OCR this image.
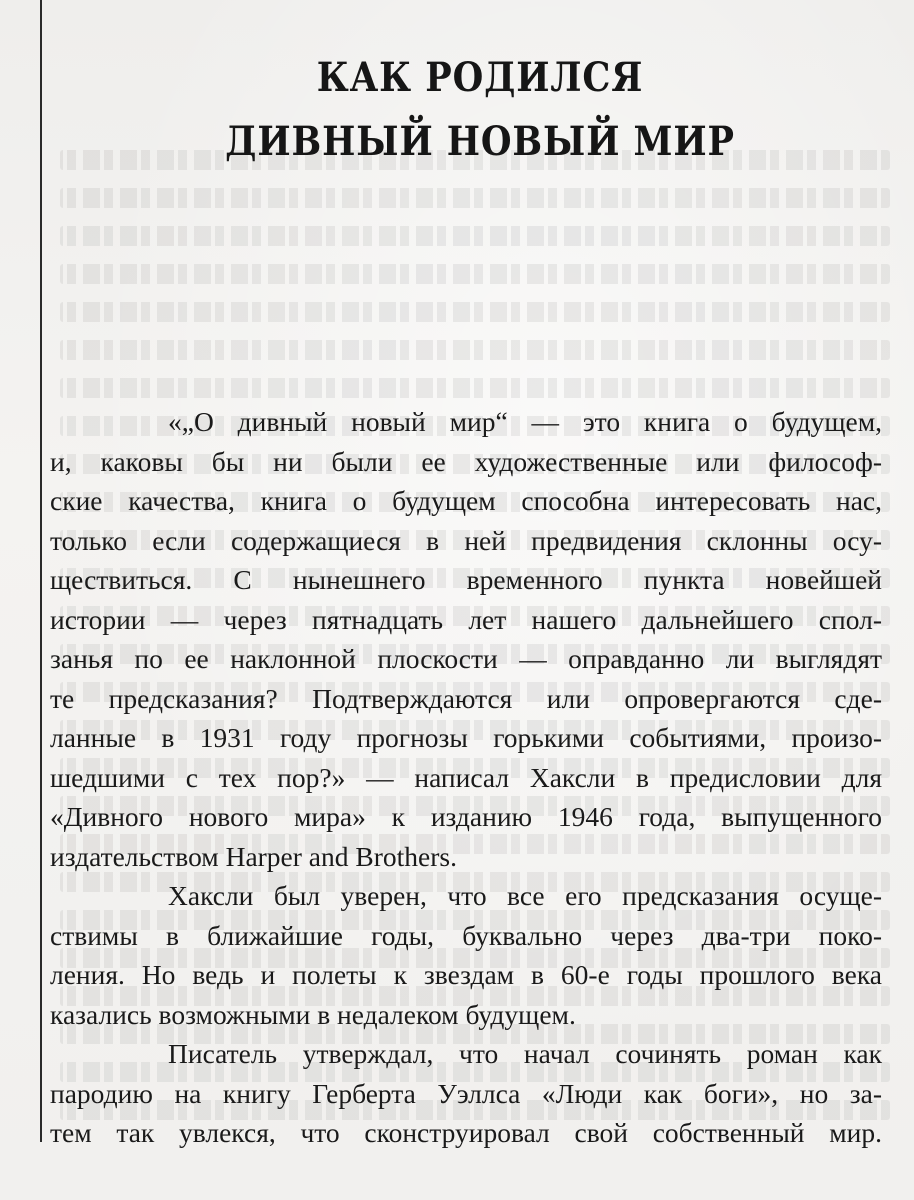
КАК РОДИЛСЯ
ДИВНЫЙ НОВЫЙ МИР
«„О дивный новый мир“ — это книга о будущем,
и, каковы бы ни были ее художественные или философ-
ские качества, книга о будущем способна интересовать нас,
только если содержащиеся в ней предвидения склонны осу-
ществиться. С нынешнего временного пункта новейшей
истории — через пятнадцать лет нашего дальнейшего спол-
занья по ее наклонной плоскости — оправданно ли выглядят
те предсказания? Подтверждаются или опровергаются сде-
ланные в 1931 году прогнозы горькими событиями, произо-
шедшими с тех пор?» — написал Хаксли в предисловии для
«Дивного нового мира» к изданию 1946 года, выпущенного
издательством Harper and Brothers.
Хаксли был уверен, что все его предсказания осуще-
ствимы в ближайшие годы, буквально через два-три поко-
ления. Но ведь и полеты к звездам в 60-е годы прошлого века
казались возможными в недалеком будущем.
Писатель утверждал, что начал сочинять роман как
пародию на книгу Герберта Уэллса «Люди как боги», но за-
тем так увлекся, что сконструировал свой собственный мир.
